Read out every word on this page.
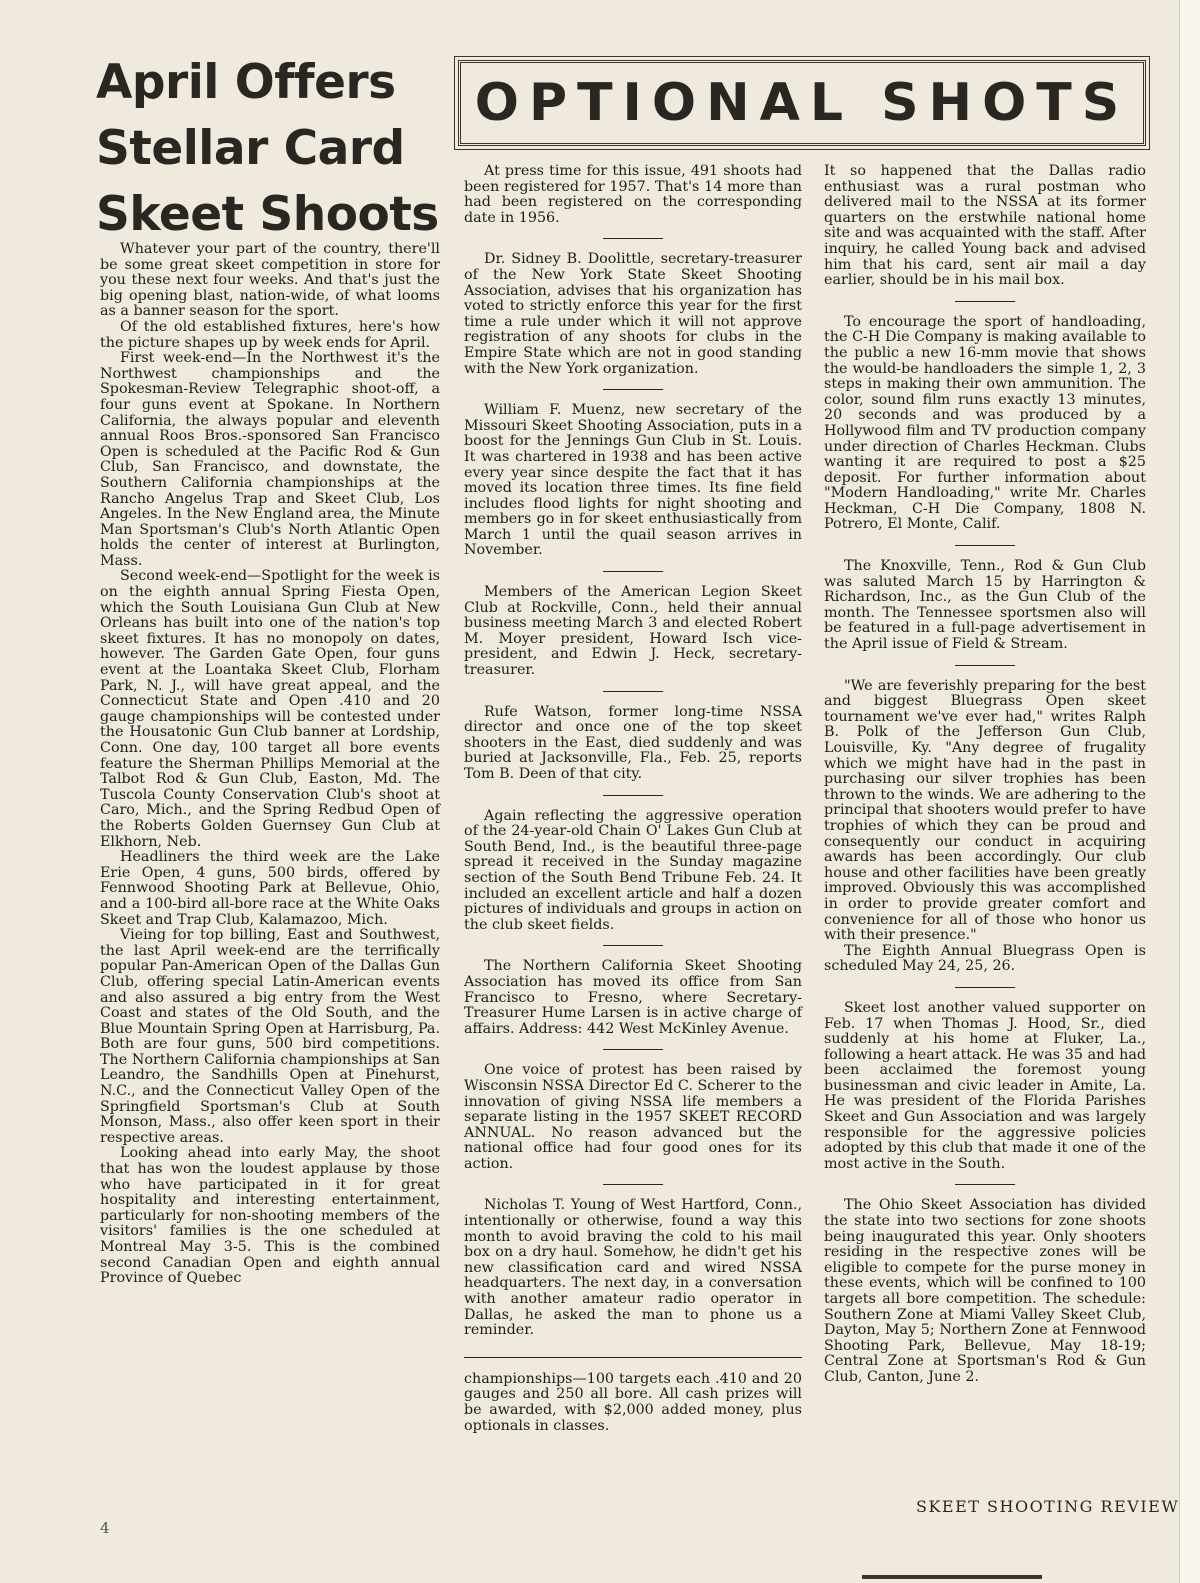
April Offers
Stellar Card
Skeet Shoots
OPTIONAL SHOTS

Whatever your part of the country, there'll be some great skeet competition in store for you these next four weeks. And that's just the big opening blast, nation-wide, of what looms as a banner season for the sport.

Of the old established fixtures, here's how the picture shapes up by week ends for April.

First week-end—In the Northwest it's the Northwest championships and the Spokesman-Review Telegraphic shoot-off, a four guns event at Spokane. In Northern California, the always popular and eleventh annual Roos Bros.-sponsored San Francisco Open is scheduled at the Pacific Rod & Gun Club, San Francisco, and downstate, the Southern California championships at the Rancho Angelus Trap and Skeet Club, Los Angeles. In the New England area, the Minute Man Sportsman's Club's North Atlantic Open holds the center of interest at Burlington, Mass.

Second week-end—Spotlight for the week is on the eighth annual Spring Fiesta Open, which the South Louisiana Gun Club at New Orleans has built into one of the nation's top skeet fixtures. It has no monopoly on dates, however. The Garden Gate Open, four guns event at the Loantaka Skeet Club, Florham Park, N. J., will have great appeal, and the Connecticut State and Open .410 and 20 gauge championships will be contested under the Housatonic Gun Club banner at Lordship, Conn. One day, 100 target all bore events feature the Sherman Phillips Memorial at the Talbot Rod & Gun Club, Easton, Md. The Tuscola County Conservation Club's shoot at Caro, Mich., and the Spring Redbud Open of the Roberts Golden Guernsey Gun Club at Elkhorn, Neb.

Headliners the third week are the Lake Erie Open, 4 guns, 500 birds, offered by Fennwood Shooting Park at Bellevue, Ohio, and a 100-bird all-bore race at the White Oaks Skeet and Trap Club, Kalamazoo, Mich.

Vieing for top billing, East and Southwest, the last April week-end are the terrifically popular Pan-American Open of the Dallas Gun Club, offering special Latin-American events and also assured a big entry from the West Coast and states of the Old South, and the Blue Mountain Spring Open at Harrisburg, Pa. Both are four guns, 500 bird competitions. The Northern California championships at San Leandro, the Sandhills Open at Pinehurst, N.C., and the Connecticut Valley Open of the Springfield Sportsman's Club at South Monson, Mass., also offer keen sport in their respective areas.

Looking ahead into early May, the shoot that has won the loudest applause by those who have participated in it for great hospitality and interesting entertainment, particularly for non-shooting members of the visitors' families is the one scheduled at Montreal May 3-5. This is the combined second Canadian Open and eighth annual Province of Quebec

At press time for this issue, 491 shoots had been registered for 1957. That's 14 more than had been registered on the corresponding date in 1956.

Dr. Sidney B. Doolittle, secretary-treasurer of the New York State Skeet Shooting Association, advises that his organization has voted to strictly enforce this year for the first time a rule under which it will not approve registration of any shoots for clubs in the Empire State which are not in good standing with the New York organization.

William F. Muenz, new secretary of the Missouri Skeet Shooting Association, puts in a boost for the Jennings Gun Club in St. Louis. It was chartered in 1938 and has been active every year since despite the fact that it has moved its location three times. Its fine field includes flood lights for night shooting and members go in for skeet enthusiastically from March 1 until the quail season arrives in November.

Members of the American Legion Skeet Club at Rockville, Conn., held their annual business meeting March 3 and elected Robert M. Moyer president, Howard Isch vice-president, and Edwin J. Heck, secretary-treasurer.

Rufe Watson, former long-time NSSA director and once one of the top skeet shooters in the East, died suddenly and was buried at Jacksonville, Fla., Feb. 25, reports Tom B. Deen of that city.

Again reflecting the aggressive operation of the 24-year-old Chain O' Lakes Gun Club at South Bend, Ind., is the beautiful three-page spread it received in the Sunday magazine section of the South Bend Tribune Feb. 24. It included an excellent article and half a dozen pictures of individuals and groups in action on the club skeet fields.

The Northern California Skeet Shooting Association has moved its office from San Francisco to Fresno, where Secretary-Treasurer Hume Larsen is in active charge of affairs. Address: 442 West McKinley Avenue.

One voice of protest has been raised by Wisconsin NSSA Director Ed C. Scherer to the innovation of giving NSSA life members a separate listing in the 1957 SKEET RECORD ANNUAL. No reason advanced but the national office had four good ones for its action.

Nicholas T. Young of West Hartford, Conn., intentionally or otherwise, found a way this month to avoid braving the cold to his mail box on a dry haul. Somehow, he didn't get his new classification card and wired NSSA headquarters. The next day, in a conversation with another amateur radio operator in Dallas, he asked the man to phone us a reminder.

championships—100 targets each .410 and 20 gauges and 250 all bore. All cash prizes will be awarded, with $2,000 added money, plus optionals in classes.

It so happened that the Dallas radio enthusiast was a rural postman who delivered mail to the NSSA at its former quarters on the erstwhile national home site and was acquainted with the staff. After inquiry, he called Young back and advised him that his card, sent air mail a day earlier, should be in his mail box.

To encourage the sport of handloading, the C-H Die Company is making available to the public a new 16-mm movie that shows the would-be handloaders the simple 1, 2, 3 steps in making their own ammunition. The color, sound film runs exactly 13 minutes, 20 seconds and was produced by a Hollywood film and TV production company under direction of Charles Heckman. Clubs wanting it are required to post a $25 deposit. For further information about "Modern Handloading," write Mr. Charles Heckman, C-H Die Company, 1808 N. Potrero, El Monte, Calif.

The Knoxville, Tenn., Rod & Gun Club was saluted March 15 by Harrington & Richardson, Inc., as the Gun Club of the month. The Tennessee sportsmen also will be featured in a full-page advertisement in the April issue of Field & Stream.

"We are feverishly preparing for the best and biggest Bluegrass Open skeet tournament we've ever had," writes Ralph B. Polk of the Jefferson Gun Club, Louisville, Ky. "Any degree of frugality which we might have had in the past in purchasing our silver trophies has been thrown to the winds. We are adhering to the principal that shooters would prefer to have trophies of which they can be proud and consequently our conduct in acquiring awards has been accordingly. Our club house and other facilities have been greatly improved. Obviously this was accomplished in order to provide greater comfort and convenience for all of those who honor us with their presence."

The Eighth Annual Bluegrass Open is scheduled May 24, 25, 26.

Skeet lost another valued supporter on Feb. 17 when Thomas J. Hood, Sr., died suddenly at his home at Fluker, La., following a heart attack. He was 35 and had been acclaimed the foremost young businessman and civic leader in Amite, La. He was president of the Florida Parishes Skeet and Gun Association and was largely responsible for the aggressive policies adopted by this club that made it one of the most active in the South.

The Ohio Skeet Association has divided the state into two sections for zone shoots being inaugurated this year. Only shooters residing in the respective zones will be eligible to compete for the purse money in these events, which will be confined to 100 targets all bore competition. The schedule: Southern Zone at Miami Valley Skeet Club, Dayton, May 5; Northern Zone at Fennwood Shooting Park, Bellevue, May 18-19; Central Zone at Sportsman's Rod & Gun Club, Canton, June 2.

4
SKEET SHOOTING REVIEW
